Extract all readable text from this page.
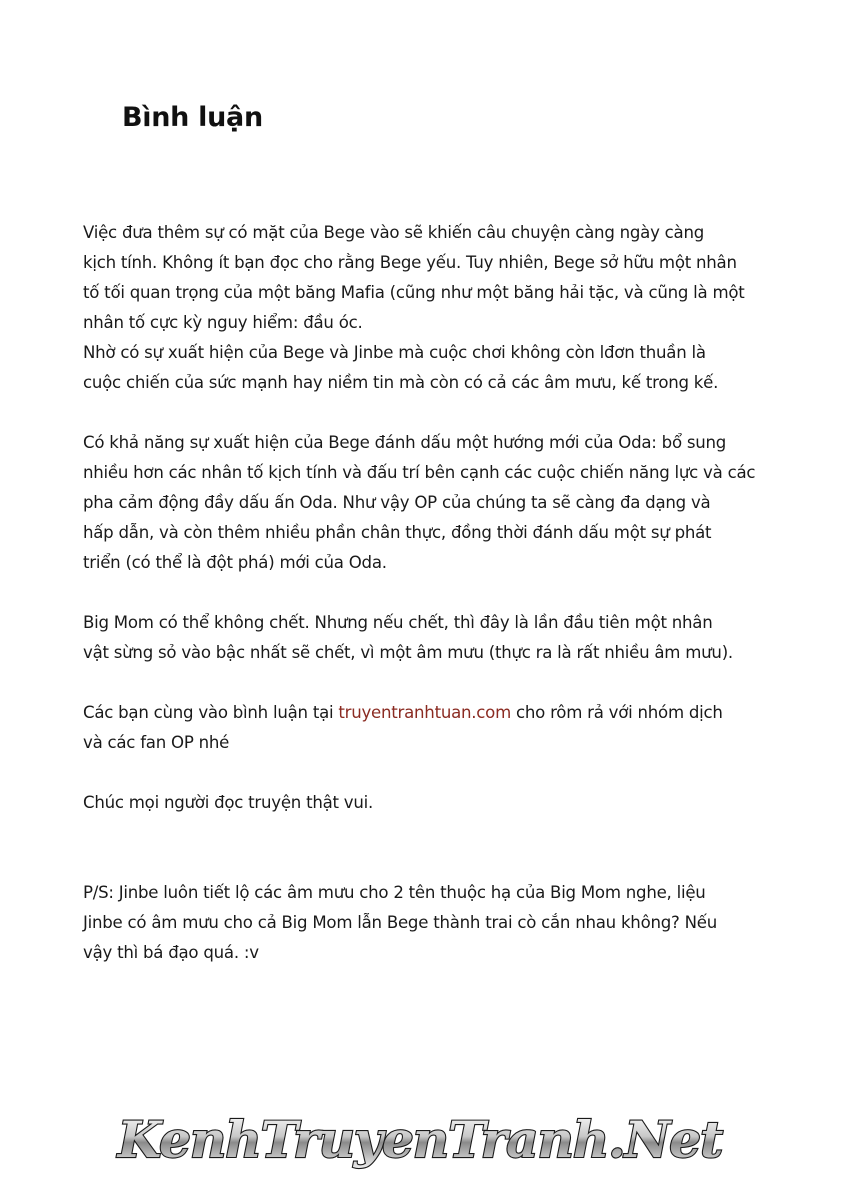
Bình luận
Việc đưa thêm sự có mặt của Bege vào sẽ khiến câu chuyện càng ngày càng
kịch tính. Không ít bạn đọc cho rằng Bege yếu. Tuy nhiên, Bege sở hữu một nhân
tố tối quan trọng của một băng Mafia (cũng như một băng hải tặc, và cũng là một
nhân tố cực kỳ nguy hiểm: đầu óc.
Nhờ có sự xuất hiện của Bege và Jinbe mà cuộc chơi không còn lđơn thuần là
cuộc chiến của sức mạnh hay niềm tin mà còn có cả các âm mưu, kế trong kế.
Có khả năng sự xuất hiện của Bege đánh dấu một hướng mới của Oda: bổ sung
nhiều hơn các nhân tố kịch tính và đấu trí bên cạnh các cuộc chiến năng lực và các
pha cảm động đầy dấu ấn Oda. Như vậy OP của chúng ta sẽ càng đa dạng và
hấp dẫn, và còn thêm nhiều phần chân thực, đồng thời đánh dấu một sự phát
triển (có thể là đột phá) mới của Oda.
Big Mom có thể không chết. Nhưng nếu chết, thì đây là lần đầu tiên một nhân
vật sừng sỏ vào bậc nhất sẽ chết, vì một âm mưu (thực ra là rất nhiều âm mưu).
Các bạn cùng vào bình luận tại truyentranhtuan.com cho rôm rả với nhóm dịch
và các fan OP nhé
Chúc mọi người đọc truyện thật vui.
P/S: Jinbe luôn tiết lộ các âm mưu cho 2 tên thuộc hạ của Big Mom nghe, liệu
Jinbe có âm mưu cho cả Big Mom lẫn Bege thành trai cò cắn nhau không? Nếu
vậy thì bá đạo quá. :v
KenhTruyenTranh.Net
